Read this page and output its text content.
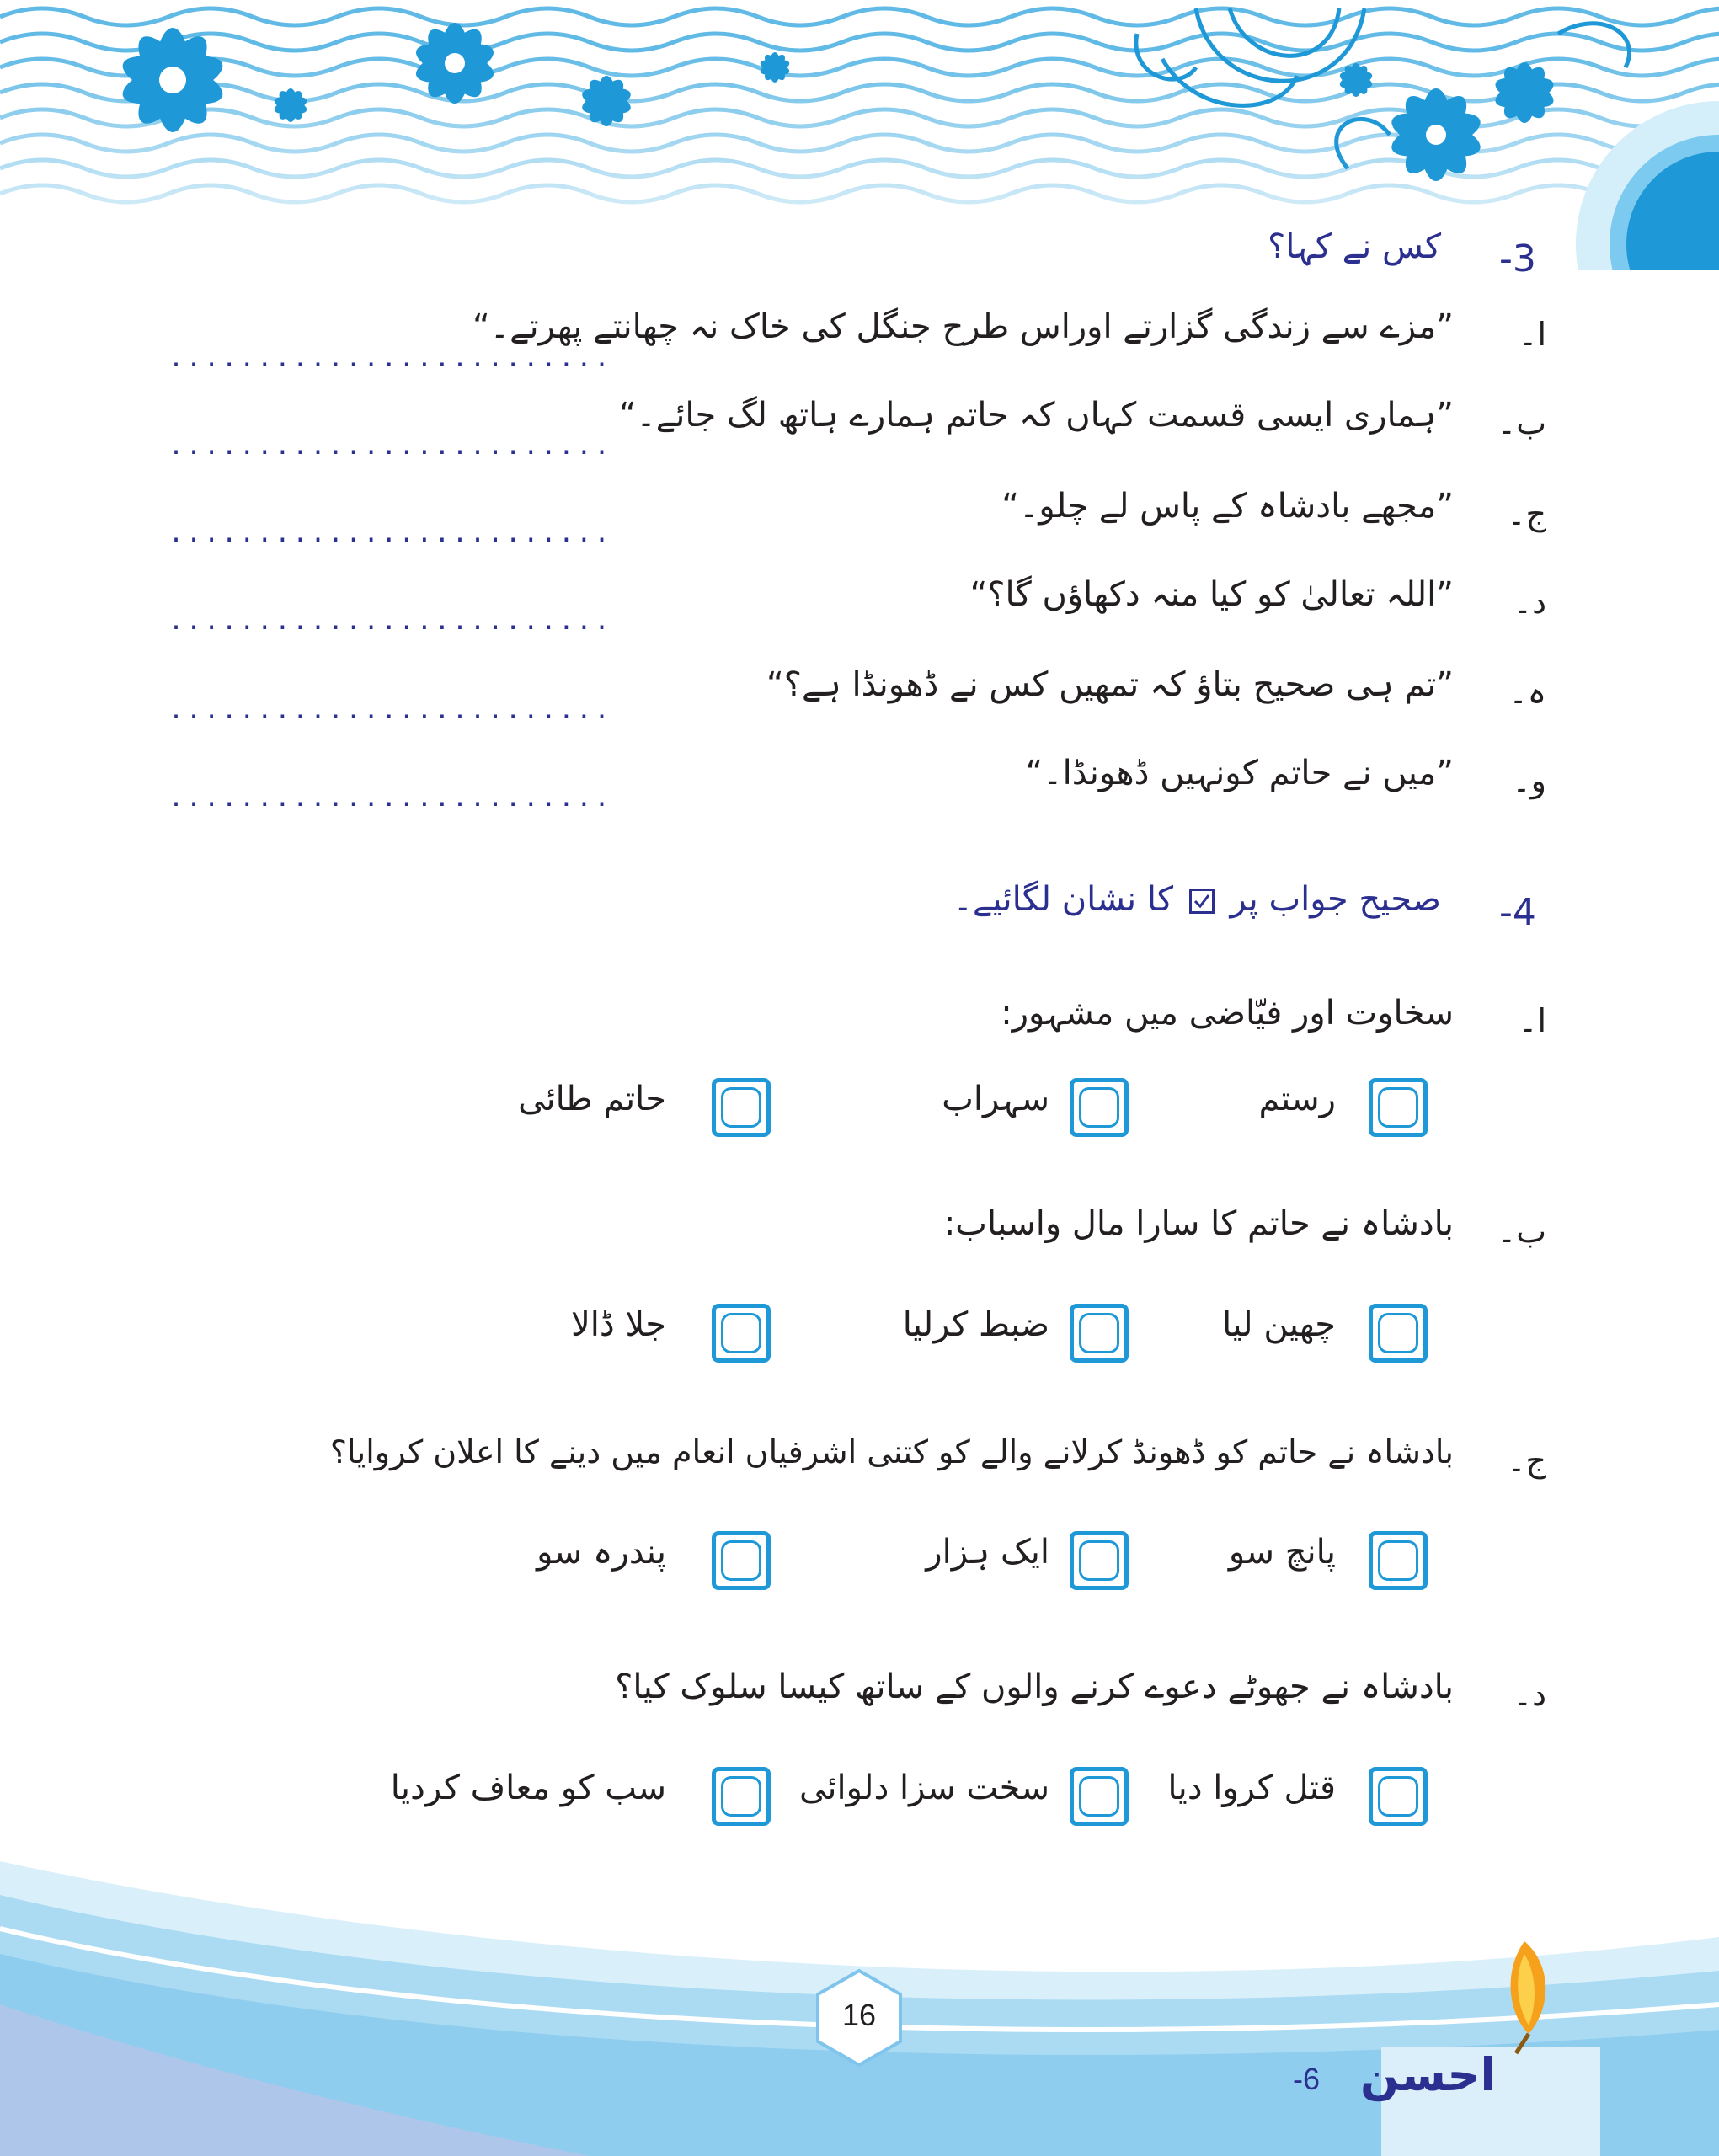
3-
کس نے کہا؟
ا۔
”مزے سے زندگی گزارتے اوراس طرح جنگل کی خاک نہ چھانتے پھرتے۔“
.........................
ب۔
”ہماری ایسی قسمت کہاں کہ حاتم ہمارے ہاتھ لگ جائے۔“
.........................
ج۔
”مجھے بادشاہ کے پاس لے چلو۔“
.........................
د۔
”اللہ تعالیٰ کو کیا منہ دکھاؤں گا؟“
.........................
ہ۔
”تم ہی صحیح بتاؤ کہ تمھیں کس نے ڈھونڈا ہے؟“
.........................
و۔
”میں نے حاتم کونہیں ڈھونڈا۔“
.........................
4-
صحیح جواب پر
کا نشان لگائیے۔
ا۔
سخاوت اور فیّاضی میں مشہور:
رستم
سہراب
حاتم طائی
ب۔
بادشاہ نے حاتم کا سارا مال واسباب:
چھین لیا
ضبط کرلیا
جلا ڈالا
ج۔
بادشاہ نے حاتم کو ڈھونڈ کرلانے والے کو کتنی اشرفیاں انعام میں دینے کا اعلان کروایا؟
پانچ سو
ایک ہزار
پندرہ سو
د۔
بادشاہ نے جھوٹے دعوے کرنے والوں کے ساتھ کیسا سلوک کیا؟
قتل کروا دیا
سخت سزا دلوائی
سب کو معاف کردیا
16
احسن
6-
